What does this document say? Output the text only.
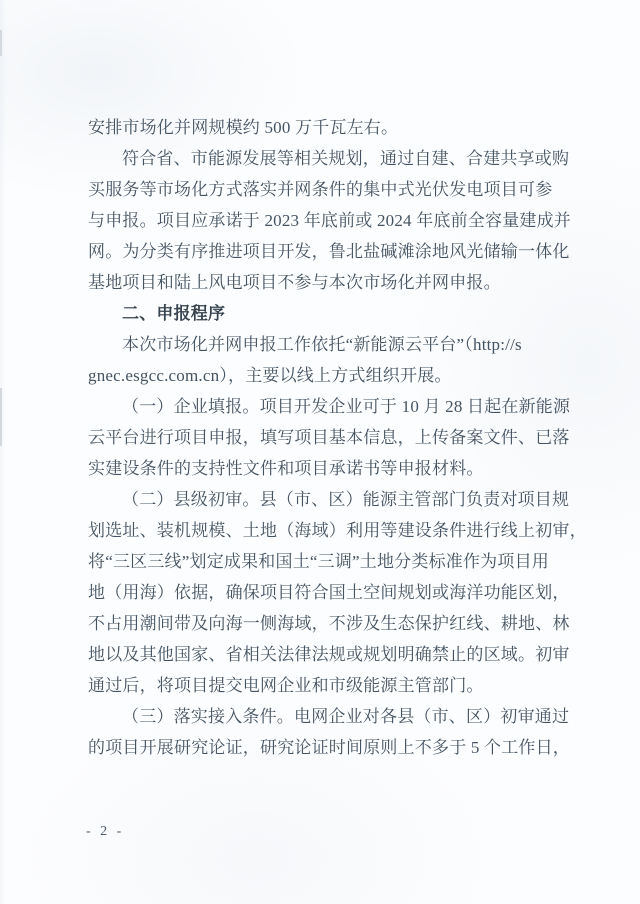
安排市场化并网规模约 500 万千瓦左右。
符合省、市能源发展等相关规划，通过自建、合建共享或购
买服务等市场化方式落实并网条件的集中式光伏发电项目可参
与申报。项目应承诺于 2023 年底前或 2024 年底前全容量建成并
网。为分类有序推进项目开发，鲁北盐碱滩涂地风光储输一体化
基地项目和陆上风电项目不参与本次市场化并网申报。
二、申报程序
本次市场化并网申报工作依托“新能源云平台”（http://s
gnec.esgcc.com.cn），主要以线上方式组织开展。
（一）企业填报。项目开发企业可于 10 月 28 日起在新能源
云平台进行项目申报，填写项目基本信息，上传备案文件、已落
实建设条件的支持性文件和项目承诺书等申报材料。
（二）县级初审。县（市、区）能源主管部门负责对项目规
划选址、装机规模、土地（海域）利用等建设条件进行线上初审，
将“三区三线”划定成果和国土“三调”土地分类标准作为项目用
地（用海）依据，确保项目符合国土空间规划或海洋功能区划，
不占用潮间带及向海一侧海域，不涉及生态保护红线、耕地、林
地以及其他国家、省相关法律法规或规划明确禁止的区域。初审
通过后，将项目提交电网企业和市级能源主管部门。
（三）落实接入条件。电网企业对各县（市、区）初审通过
的项目开展研究论证，研究论证时间原则上不多于 5 个工作日，
- 2 -
